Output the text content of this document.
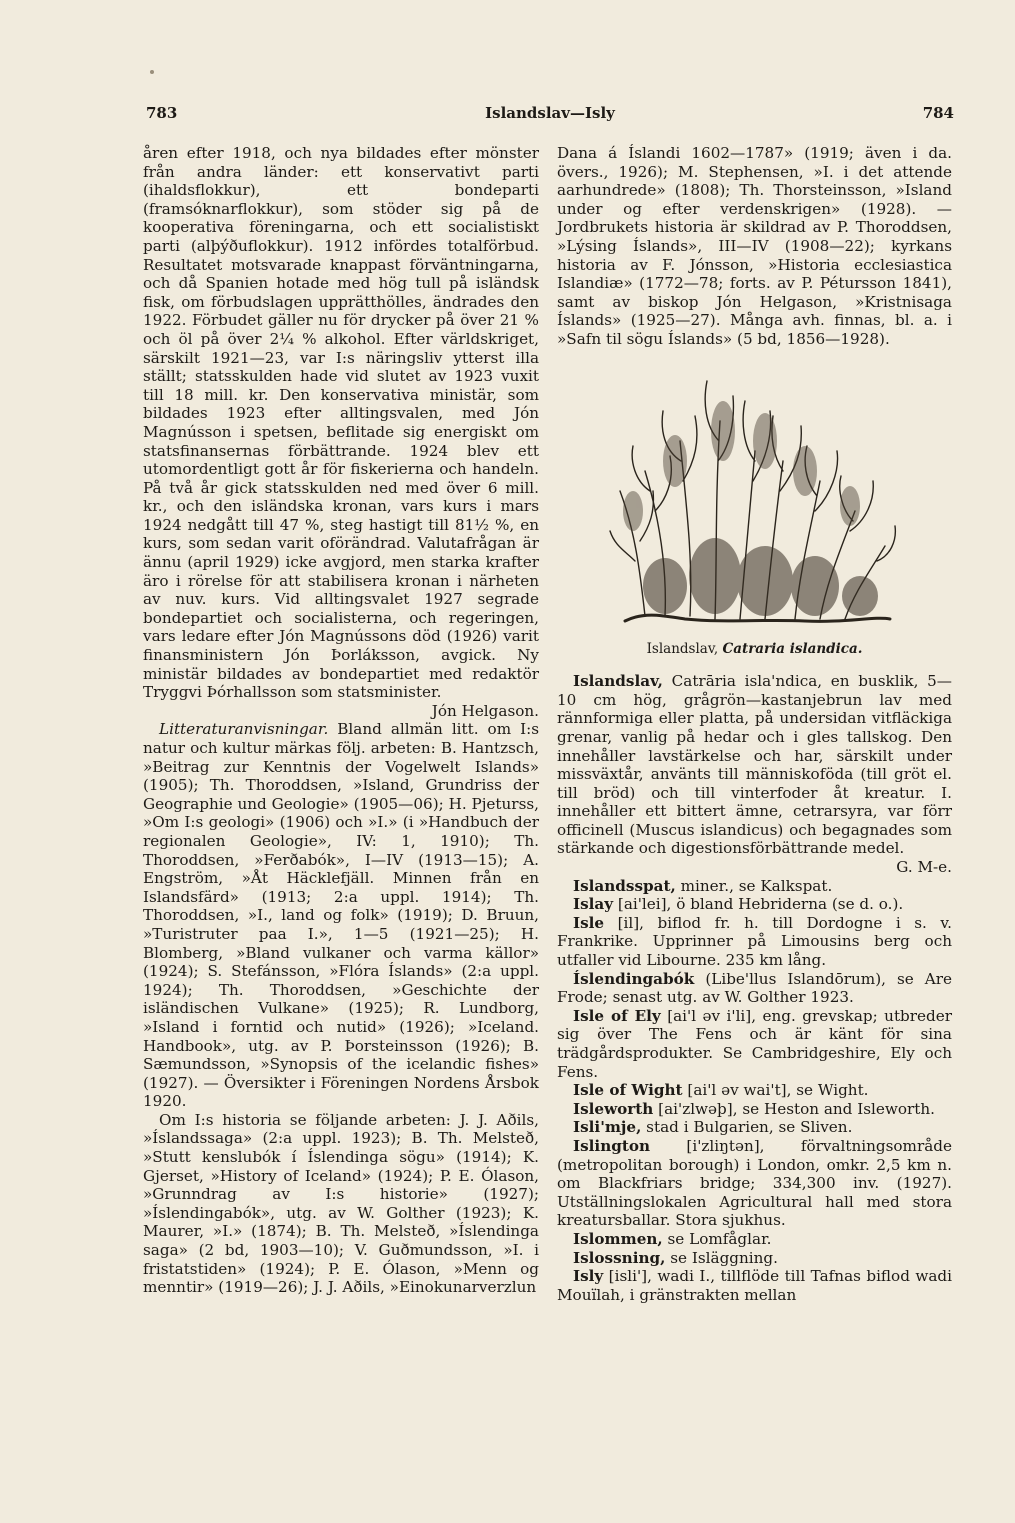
783	Islandslav—Isly	784

åren efter 1918, och nya bildades efter mönster från andra länder: ett konservativt parti (ihaldsflokkur), ett bondeparti (framsóknarflokkur), som stöder sig på de kooperativa föreningarna, och ett socialistiskt parti (alþýðuflokkur). 1912 infördes totalförbud. Resultatet motsvarade knappast förväntningarna, och då Spanien hotade med hög tull på isländsk fisk, om förbudslagen upprätthölles, ändrades den 1922. Förbudet gäller nu för drycker på över 21 % och öl på över 2¼ % alkohol. Efter världskriget, särskilt 1921—23, var I:s näringsliv ytterst illa ställt; statsskulden hade vid slutet av 1923 vuxit till 18 mill. kr. Den konservativa ministär, som bildades 1923 efter alltingsvalen, med Jón Magnússon i spetsen, beflitade sig energiskt om statsfinansernas förbättrande. 1924 blev ett utomordentligt gott år för fiskerierna och handeln. På två år gick statsskulden ned med över 6 mill. kr., och den isländska kronan, vars kurs i mars 1924 nedgått till 47 %, steg hastigt till 81½ %, en kurs, som sedan varit oförändrad. Valutafrågan är ännu (april 1929) icke avgjord, men starka krafter äro i rörelse för att stabilisera kronan i närheten av nuv. kurs. Vid alltingsvalet 1927 segrade bondepartiet och socialisterna, och regeringen, vars ledare efter Jón Magnússons död (1926) varit finansministern Jón Þorláksson, avgick. Ny ministär bildades av bondepartiet med redaktör Tryggvi Þórhallsson som statsminister.

Jón Helgason.

Litteraturanvisningar. Bland allmän litt. om I:s natur och kultur märkas följ. arbeten: B. Hantzsch, »Beitrag zur Kenntnis der Vogelwelt Islands» (1905); Th. Thoroddsen, »Island, Grundriss der Geographie und Geologie» (1905—06); H. Pjeturss, »Om I:s geologi» (1906) och »I.» (i »Handbuch der regionalen Geologie», IV: 1, 1910); Th. Thoroddsen, »Ferðabók», I—IV (1913—15); A. Engström, »Åt Häcklefjäll. Minnen från en Islandsfärd» (1913; 2:a uppl. 1914); Th. Thoroddsen, »I., land og folk» (1919); D. Bruun, »Turistruter paa I.», 1—5 (1921—25); H. Blomberg, »Bland vulkaner och varma källor» (1924); S. Stefánsson, »Flóra Íslands» (2:a uppl. 1924); Th. Thoroddsen, »Geschichte der isländischen Vulkane» (1925); R. Lundborg, »Island i forntid och nutid» (1926); »Iceland. Handbook», utg. av P. Þorsteinsson (1926); B. Sæmundsson, »Synopsis of the icelandic fishes» (1927). — Översikter i Föreningen Nordens Årsbok 1920.

Om I:s historia se följande arbeten: J. J. Aðils, »Íslandssaga» (2:a uppl. 1923); B. Th. Melsteð, »Stutt kenslubók í Íslendinga sögu» (1914); K. Gjerset, »History of Iceland» (1924); P. E. Ólason, »Grunndrag av I:s historie» (1927); »Íslendingabók», utg. av W. Golther (1923); K. Maurer, »I.» (1874); B. Th. Melsteð, »Íslendinga saga» (2 bd, 1903—10); V. Guðmundsson, »I. i fristatstiden» (1924); P. E. Ólason, »Menn og menntir» (1919—26); J. J. Aðils, »Einokunarverzlun

Dana á Íslandi 1602—1787» (1919; även i da. övers., 1926); M. Stephensen, »I. i det attende aarhundrede» (1808); Th. Thorsteinsson, »Island under og efter verdenskrigen» (1928). — Jordbrukets historia är skildrad av P. Thoroddsen, »Lýsing Íslands», III—IV (1908—22); kyrkans historia av F. Jónsson, »Historia ecclesiastica Islandiæ» (1772—78; forts. av P. Pétursson 1841), samt av biskop Jón Helgason, »Kristnisaga Íslands» (1925—27). Många avh. finnas, bl. a. i »Safn til sögu Íslands» (5 bd, 1856—1928).

Islandslav, Catraria islandica.

Islandslav, Catrāria isla'ndica, en busklik, 5—10 cm hög, grågrön—kastanjebrun lav med rännformiga eller platta, på undersidan vitfläckiga grenar, vanlig på hedar och i gles tallskog. Den innehåller lavstärkelse och har, särskilt under missväxtår, använts till människoföda (till gröt el. till bröd) och till vinterfoder åt kreatur. I. innehåller ett bittert ämne, cetrarsyra, var förr officinell (Muscus islandicus) och begagnades som stärkande och digestionsförbättrande medel.

G. M-e.

Islandsspat, miner., se Kalkspat.

Islay [ai'lei], ö bland Hebriderna (se d. o.).

Isle [il], biflod fr. h. till Dordogne i s. v. Frankrike. Upprinner på Limousins berg och utfaller vid Libourne. 235 km lång.

Íslendingabók (Libe'llus Islandōrum), se Are Frode; senast utg. av W. Golther 1923.

Isle of Ely [ai'l əv i'li], eng. grevskap; utbreder sig över The Fens och är känt för sina trädgårdsprodukter. Se Cambridgeshire, Ely och Fens.

Isle of Wight [ai'l əv wai't], se Wight.

Isleworth [ai'zlwəþ], se Heston and Isleworth.

Isli'mje, stad i Bulgarien, se Sliven.

Islington [i'zliŋtən], förvaltningsområde (metropolitan borough) i London, omkr. 2,5 km n. om Blackfriars bridge; 334,300 inv. (1927). Utställningslokalen Agricultural hall med stora kreatursballar. Stora sjukhus.

Islommen, se Lomfåglar.

Islossning, se Isläggning.

Isly [isli'], wadi I., tillflöde till Tafnas biflod wadi Mouïlah, i gränstrakten mellan
